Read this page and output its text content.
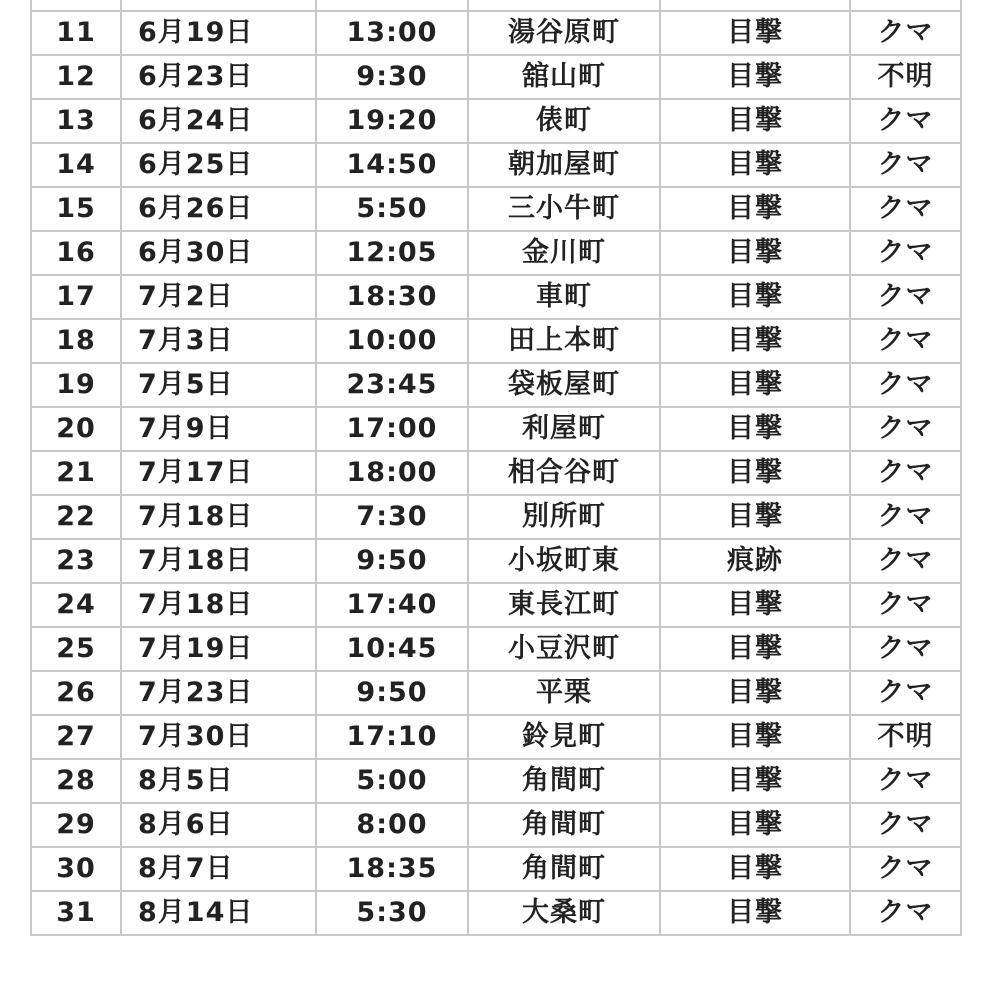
11	6月19日	13:00	湯谷原町	目撃	クマ
12	6月23日	9:30	舘山町	目撃	不明
13	6月24日	19:20	俵町	目撃	クマ
14	6月25日	14:50	朝加屋町	目撃	クマ
15	6月26日	5:50	三小牛町	目撃	クマ
16	6月30日	12:05	金川町	目撃	クマ
17	7月2日	18:30	車町	目撃	クマ
18	7月3日	10:00	田上本町	目撃	クマ
19	7月5日	23:45	袋板屋町	目撃	クマ
20	7月9日	17:00	利屋町	目撃	クマ
21	7月17日	18:00	相合谷町	目撃	クマ
22	7月18日	7:30	別所町	目撃	クマ
23	7月18日	9:50	小坂町東	痕跡	クマ
24	7月18日	17:40	東長江町	目撃	クマ
25	7月19日	10:45	小豆沢町	目撃	クマ
26	7月23日	9:50	平栗	目撃	クマ
27	7月30日	17:10	鈴見町	目撃	不明
28	8月5日	5:00	角間町	目撃	クマ
29	8月6日	8:00	角間町	目撃	クマ
30	8月7日	18:35	角間町	目撃	クマ
31	8月14日	5:30	大桑町	目撃	クマ
